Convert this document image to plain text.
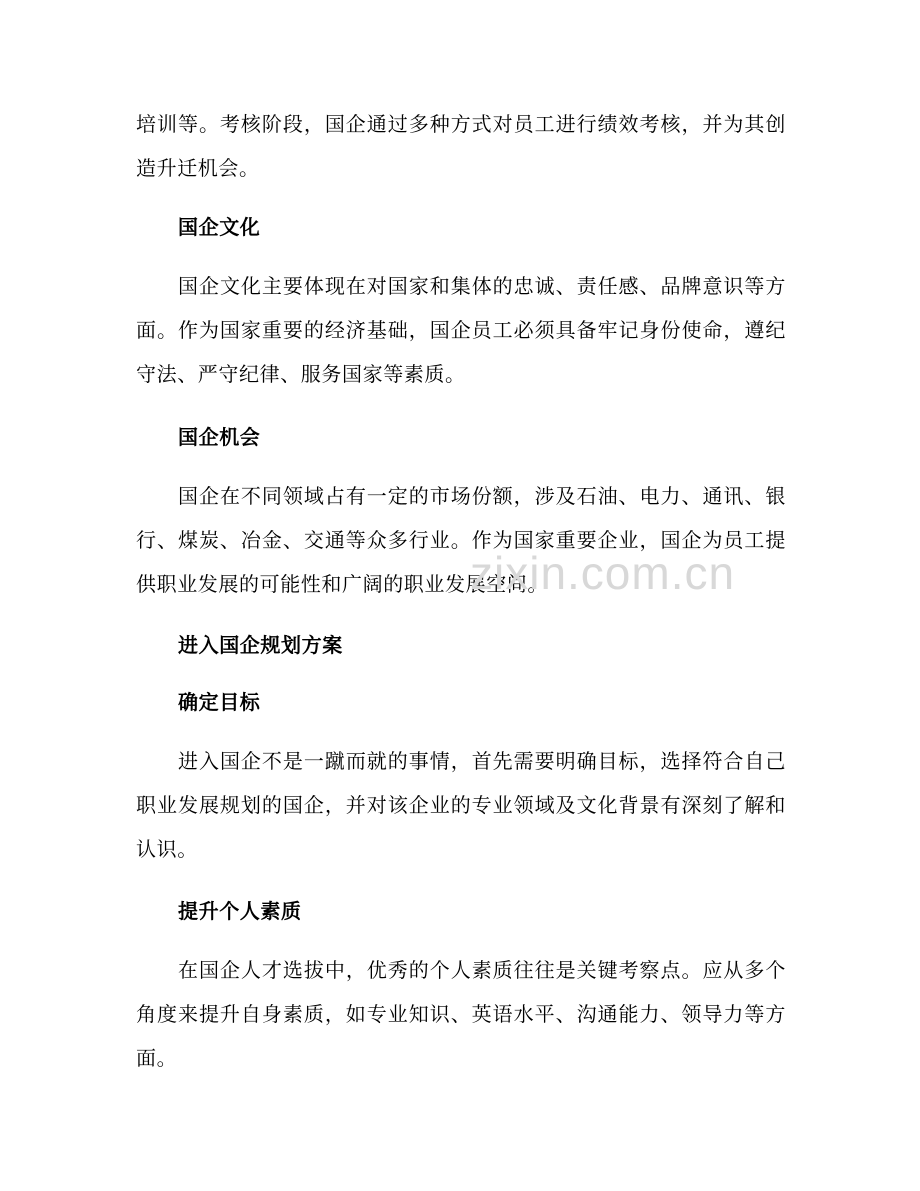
培训等。考核阶段，国企通过多种方式对员工进行绩效考核，并为其创造升迁机会。

国企文化

国企文化主要体现在对国家和集体的忠诚、责任感、品牌意识等方面。作为国家重要的经济基础，国企员工必须具备牢记身份使命，遵纪守法、严守纪律、服务国家等素质。

国企机会

国企在不同领域占有一定的市场份额，涉及石油、电力、通讯、银行、煤炭、冶金、交通等众多行业。作为国家重要企业，国企为员工提供职业发展的可能性和广阔的职业发展空间。

进入国企规划方案
确定目标

进入国企不是一蹴而就的事情，首先需要明确目标，选择符合自己职业发展规划的国企，并对该企业的专业领域及文化背景有深刻了解和认识。

提升个人素质

在国企人才选拔中，优秀的个人素质往往是关键考察点。应从多个角度来提升自身素质，如专业知识、英语水平、沟通能力、领导力等方面。

zixin.com.cn
